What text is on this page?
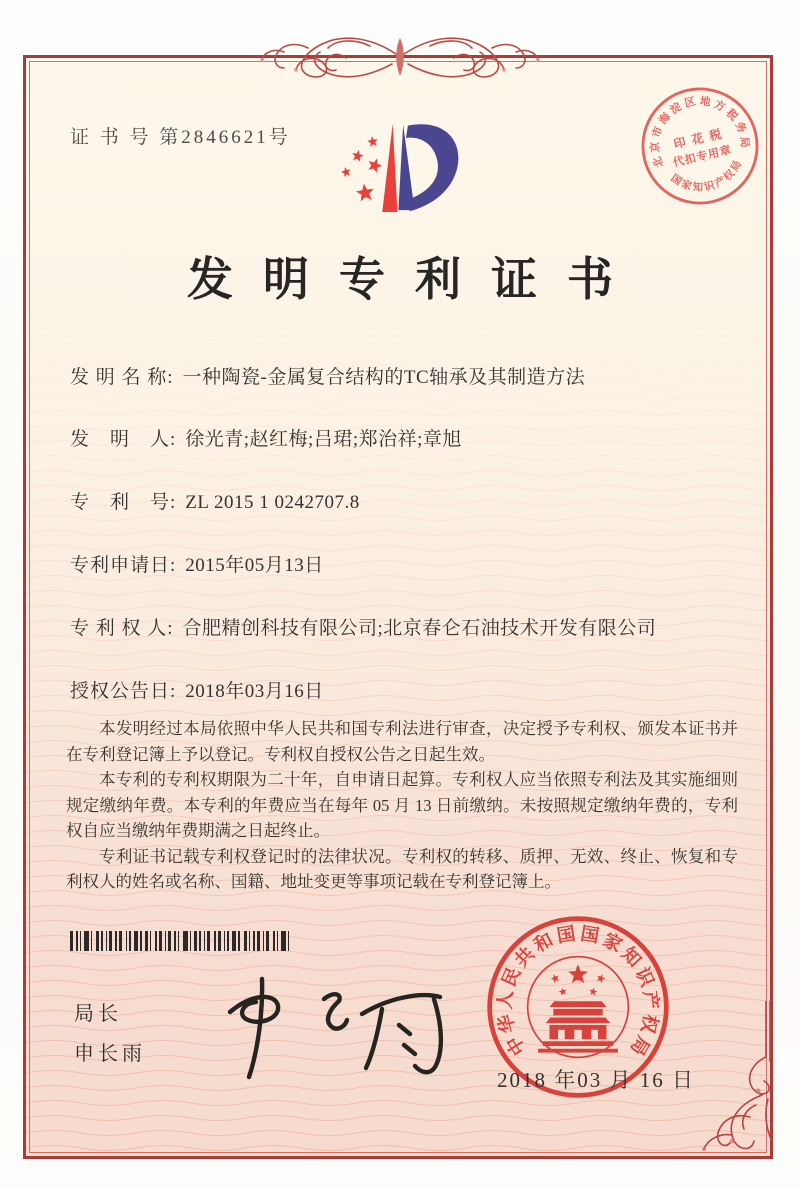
证 书 号 第2846621号
发明专利证书
发 明 名 称: 一种陶瓷-金属复合结构的TC轴承及其制造方法
发　明　人: 徐光青;赵红梅;吕珺;郑治祥;章旭
专　利　号: ZL 2015 1 0242707.8
专利申请日: 2015年05月13日
专 利 权 人: 合肥精创科技有限公司;北京春仑石油技术开发有限公司
授权公告日: 2018年03月16日

本发明经过本局依照中华人民共和国专利法进行审查，决定授予专利权、颁发本证书并在专利登记簿上予以登记。专利权自授权公告之日起生效。

本专利的专利权期限为二十年，自申请日起算。专利权人应当依照专利法及其实施细则规定缴纳年费。本专利的年费应当在每年 05 月 13 日前缴纳。未按照规定缴纳年费的，专利权自应当缴纳年费期满之日起终止。

专利证书记载专利权登记时的法律状况。专利权的转移、质押、无效、终止、恢复和专利权人的姓名或名称、国籍、地址变更等事项记载在专利登记簿上。

局长
申长雨	中
华
人
民
共
和
国 国
家
知
识
产
权
局
2018 年03 月 16 日
北
京
市
海
淀 区 地 方
税
务
局
国
家 知 识
产
权
局
印 花 税
代扣专用章
